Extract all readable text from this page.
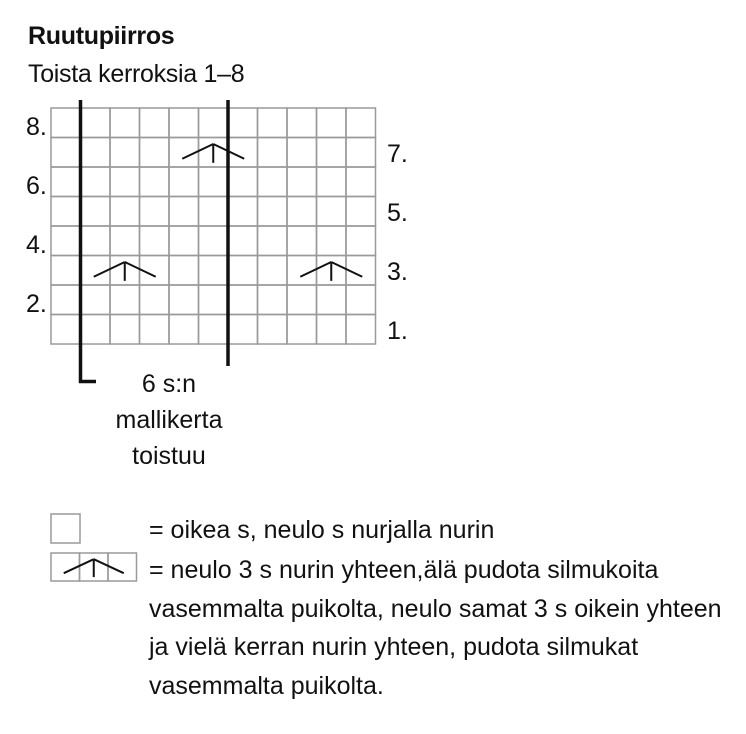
Ruutupiirros
Toista kerroksia 1–8
8.
6.
4.
2.
7.
5.
3.
1.
6 s:n
mallikerta
toistuu
= oikea s, neulo s nurjalla nurin
= neulo 3 s nurin yhteen,älä pudota silmukoita vasemmalta puikolta, neulo samat 3 s oikein yhteen ja vielä kerran nurin yhteen, pudota silmukat vasemmalta puikolta.
